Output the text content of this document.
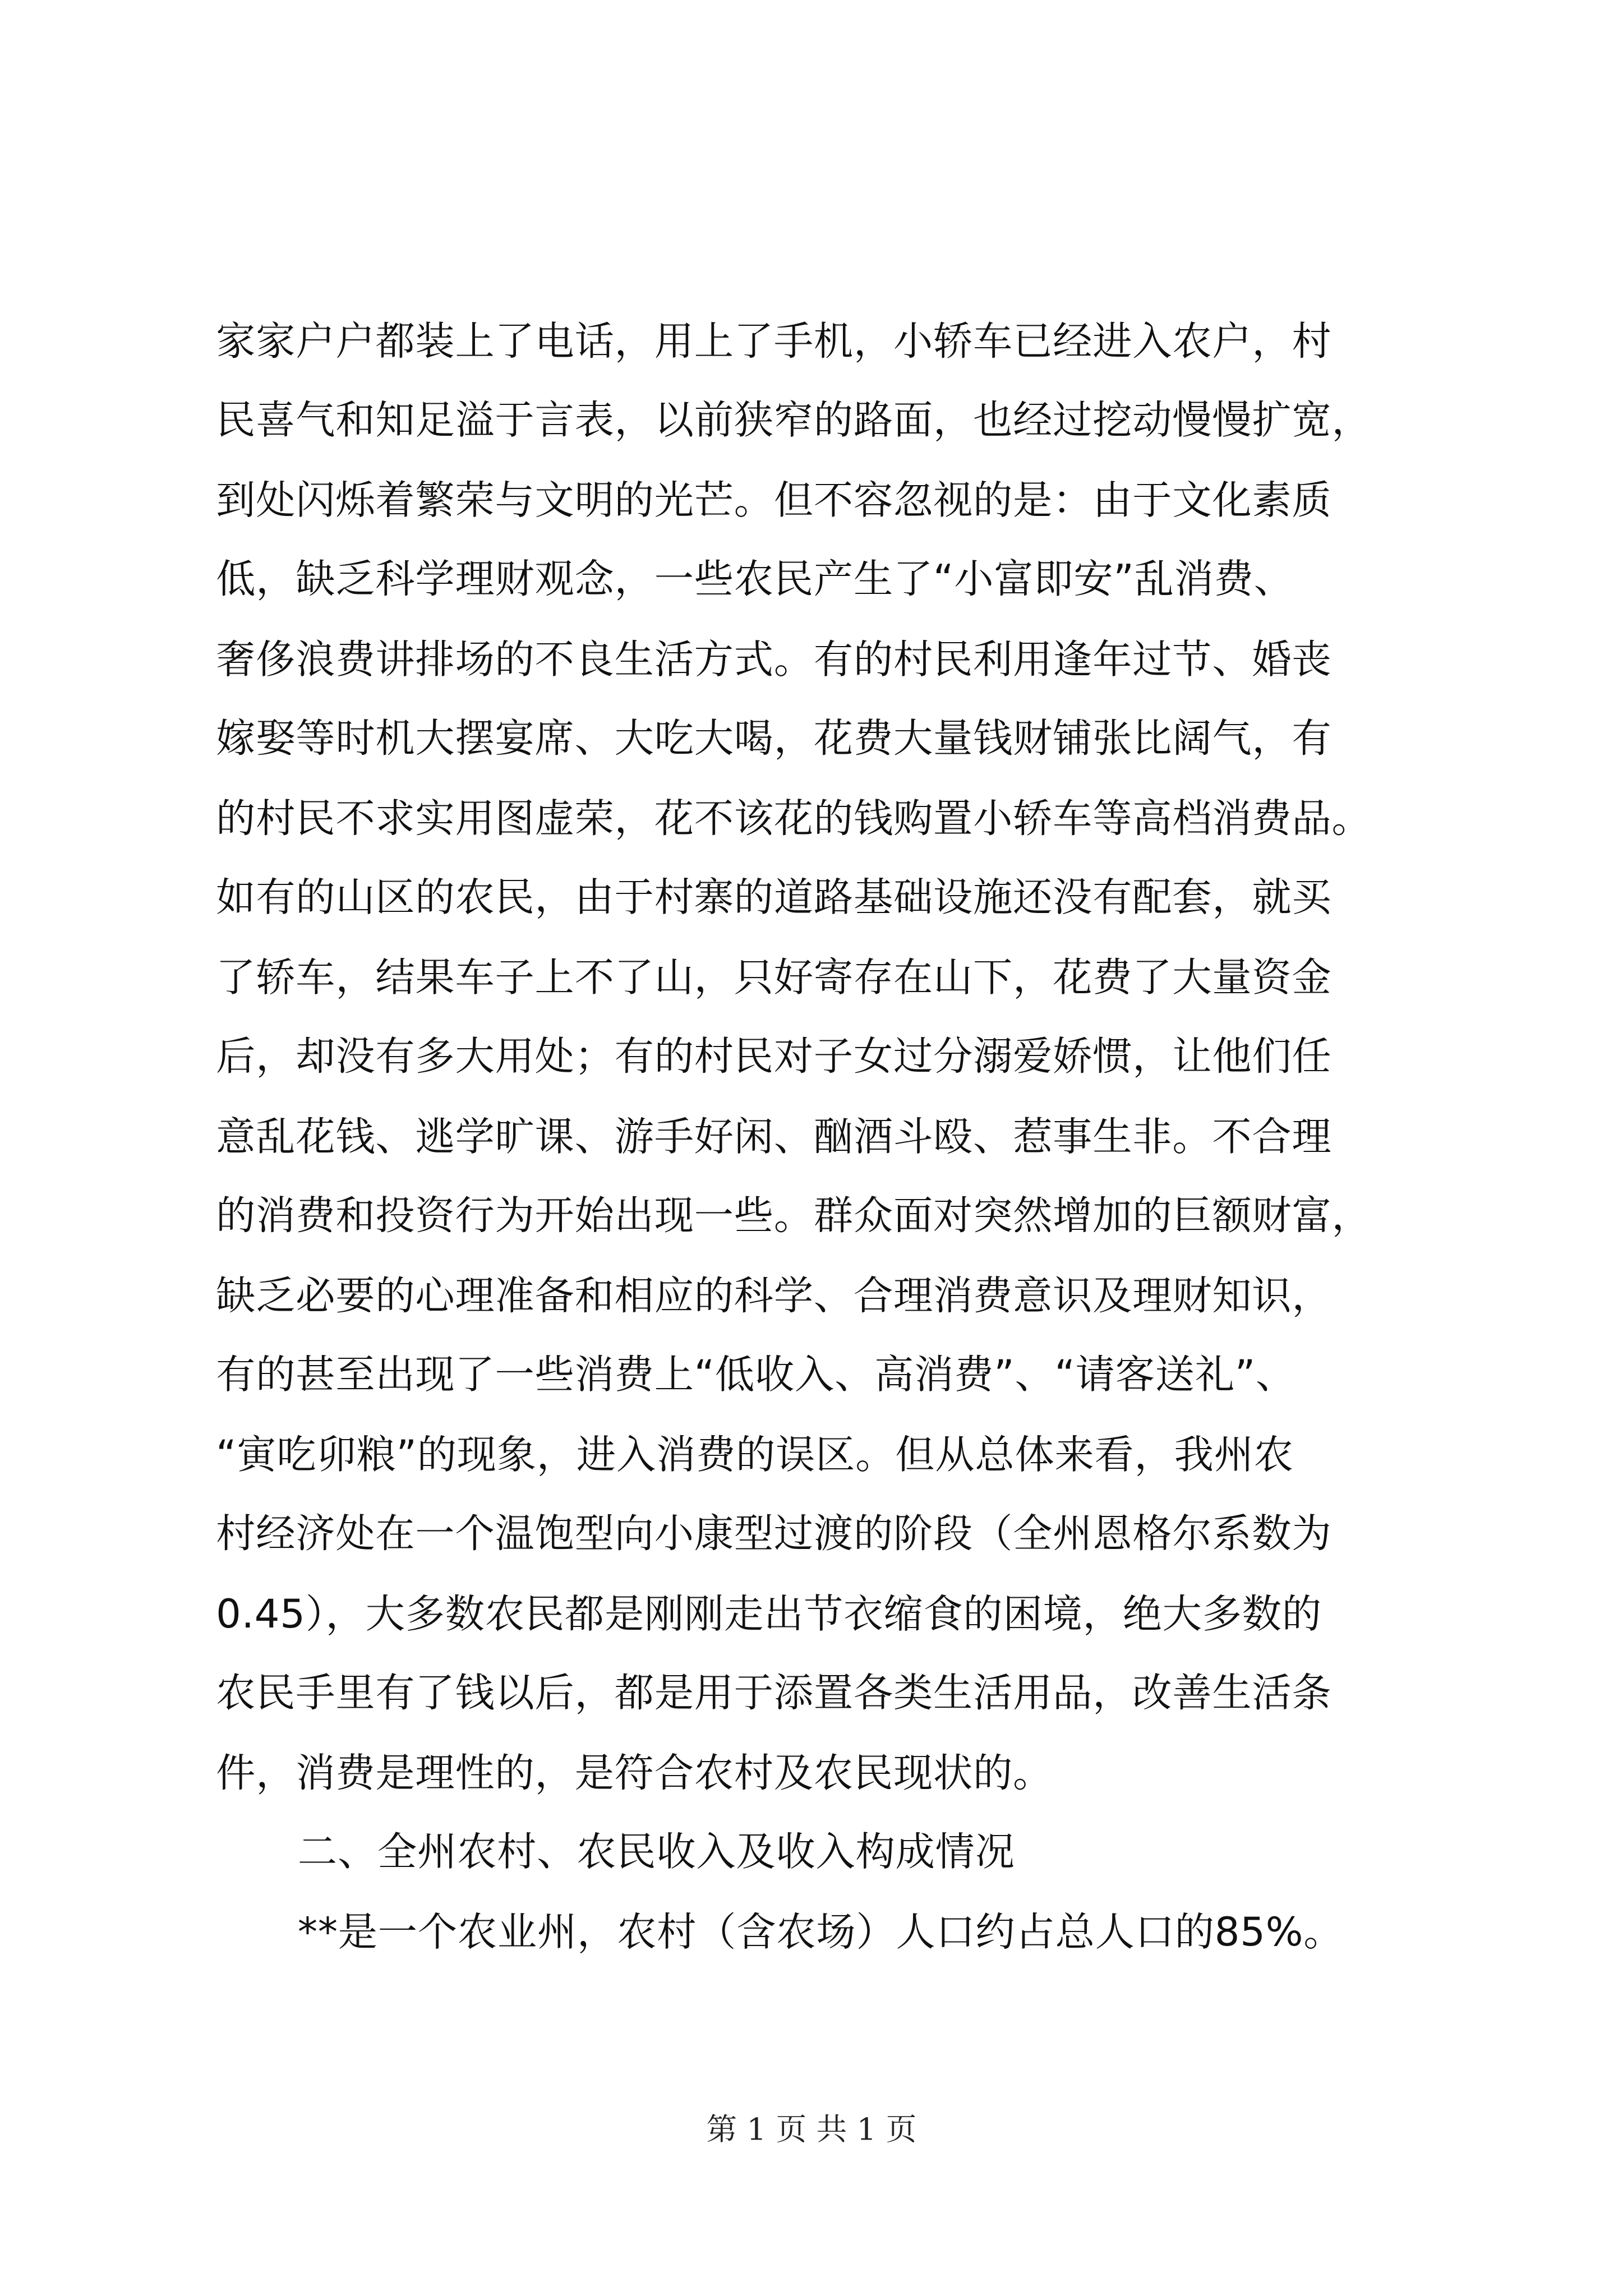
家家户户都装上了电话，用上了手机，小轿车已经进入农户，村
民喜气和知足溢于言表，以前狭窄的路面，也经过挖动慢慢扩宽，
到处闪烁着繁荣与文明的光芒。但不容忽视的是：由于文化素质
低，缺乏科学理财观念，一些农民产生了“小富即安”乱消费、
奢侈浪费讲排场的不良生活方式。有的村民利用逢年过节、婚丧
嫁娶等时机大摆宴席、大吃大喝，花费大量钱财铺张比阔气，有
的村民不求实用图虚荣，花不该花的钱购置小轿车等高档消费品。
如有的山区的农民，由于村寨的道路基础设施还没有配套，就买
了轿车，结果车子上不了山，只好寄存在山下，花费了大量资金
后，却没有多大用处；有的村民对子女过分溺爱娇惯，让他们任
意乱花钱、逃学旷课、游手好闲、酗酒斗殴、惹事生非。不合理
的消费和投资行为开始出现一些。群众面对突然增加的巨额财富，
缺乏必要的心理准备和相应的科学、合理消费意识及理财知识，
有的甚至出现了一些消费上“低收入、高消费”、“请客送礼”、
“寅吃卯粮”的现象，进入消费的误区。但从总体来看，我州农
村经济处在一个温饱型向小康型过渡的阶段（全州恩格尔系数为
0.45），大多数农民都是刚刚走出节衣缩食的困境，绝大多数的
农民手里有了钱以后，都是用于添置各类生活用品，改善生活条
件，消费是理性的，是符合农村及农民现状的。
二、全州农村、农民收入及收入构成情况
**是一个农业州，农村（含农场）人口约占总人口的85%。
第 1 页 共 1 页
